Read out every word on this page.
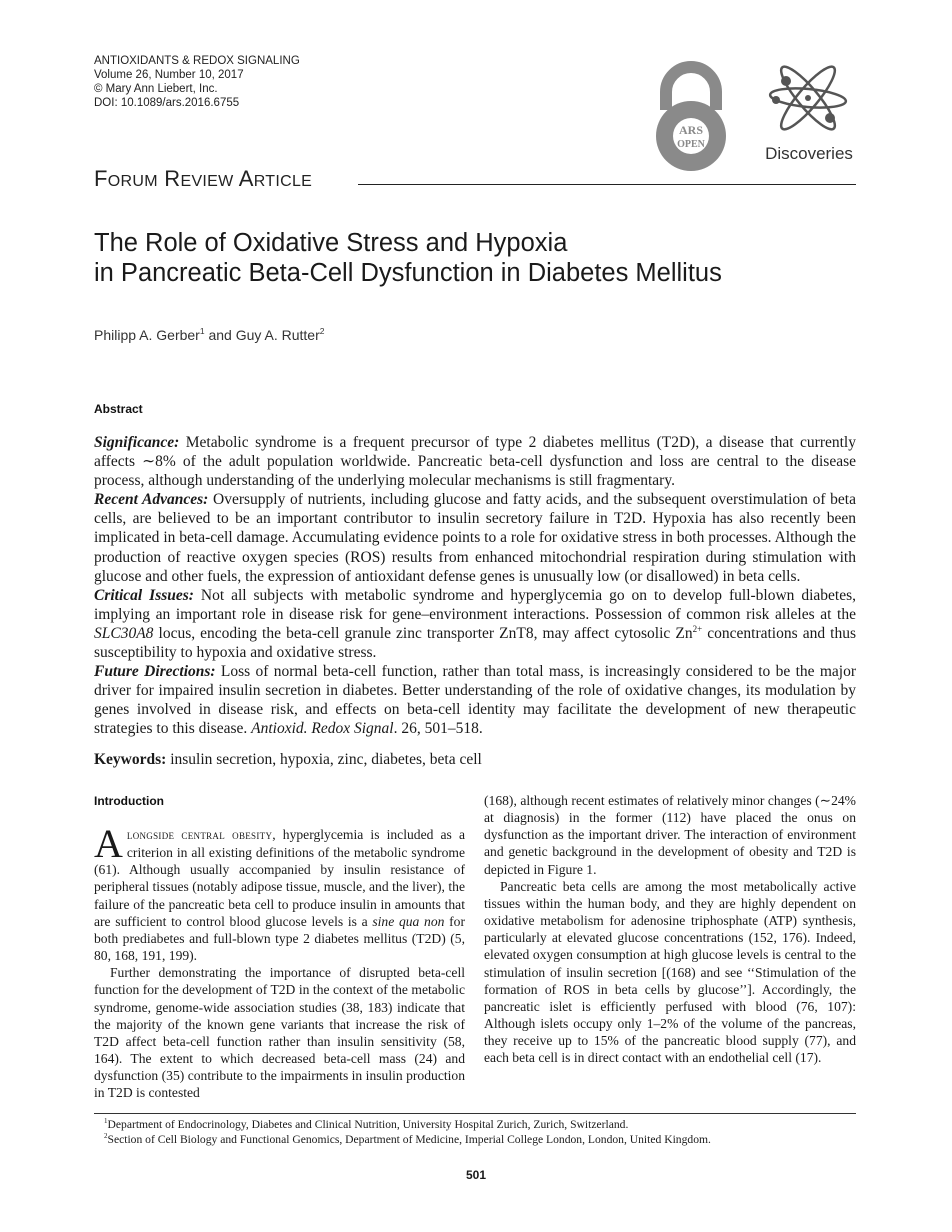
ANTIOXIDANTS & REDOX SIGNALING
Volume 26, Number 10, 2017
© Mary Ann Liebert, Inc.
DOI: 10.1089/ars.2016.6755
ARS
OPEN	Discoveries
FORUM REVIEW ARTICLE
The Role of Oxidative Stress and Hypoxia
in Pancreatic Beta-Cell Dysfunction in Diabetes Mellitus
Philipp A. Gerber$^1$ and Guy A. Rutter$^2$
Abstract

Significance: Metabolic syndrome is a frequent precursor of type 2 diabetes mellitus (T2D), a disease that currently affects ∼8% of the adult population worldwide. Pancreatic beta-cell dysfunction and loss are central to the disease process, although understanding of the underlying molecular mechanisms is still fragmentary.

Recent Advances: Oversupply of nutrients, including glucose and fatty acids, and the subsequent overstimulation of beta cells, are believed to be an important contributor to insulin secretory failure in T2D. Hypoxia has also recently been implicated in beta-cell damage. Accumulating evidence points to a role for oxidative stress in both processes. Although the production of reactive oxygen species (ROS) results from enhanced mitochondrial respiration during stimulation with glucose and other fuels, the expression of antioxidant defense genes is unusually low (or disallowed) in beta cells.

Critical Issues: Not all subjects with metabolic syndrome and hyperglycemia go on to develop full-blown diabetes, implying an important role in disease risk for gene–environment interactions. Possession of common risk alleles at the SLC30A8 locus, encoding the beta-cell granule zinc transporter ZnT8, may affect cytosolic $Zn^{2+}$ concentrations and thus susceptibility to hypoxia and oxidative stress.

Future Directions: Loss of normal beta-cell function, rather than total mass, is increasingly considered to be the major driver for impaired insulin secretion in diabetes. Better understanding of the role of oxidative changes, its modulation by genes involved in disease risk, and effects on beta-cell identity may facilitate the development of new therapeutic strategies to this disease. Antioxid. Redox Signal. 26, 501–518.

Keywords: insulin secretion, hypoxia, zinc, diabetes, beta cell
Introduction

Alongside central obesity, hyperglycemia is included as a criterion in all existing definitions of the metabolic syndrome (61). Although usually accompanied by insulin resistance of peripheral tissues (notably adipose tissue, muscle, and the liver), the failure of the pancreatic beta cell to produce insulin in amounts that are sufficient to control blood glucose levels is a sine qua non for both prediabetes and full-blown type 2 diabetes mellitus (T2D) (5, 80, 168, 191, 199).

Further demonstrating the importance of disrupted beta-cell function for the development of T2D in the context of the metabolic syndrome, genome-wide association studies (38, 183) indicate that the majority of the known gene variants that increase the risk of T2D affect beta-cell function rather than insulin sensitivity (58, 164). The extent to which decreased beta-cell mass (24) and dysfunction (35) contribute to the impairments in insulin production in T2D is contested

(168), although recent estimates of relatively minor changes (∼24% at diagnosis) in the former (112) have placed the onus on dysfunction as the important driver. The interaction of environment and genetic background in the development of obesity and T2D is depicted in Figure 1.

Pancreatic beta cells are among the most metabolically active tissues within the human body, and they are highly dependent on oxidative metabolism for adenosine triphosphate (ATP) synthesis, particularly at elevated glucose concentrations (152, 176). Indeed, elevated oxygen consumption at high glucose levels is central to the stimulation of insulin secretion [(168) and see ‘‘Stimulation of the formation of ROS in beta cells by glucose’’]. Accordingly, the pancreatic islet is efficiently perfused with blood (76, 107): Although islets occupy only 1–2% of the volume of the pancreas, they receive up to 15% of the pancreatic blood supply (77), and each beta cell is in direct contact with an endothelial cell (17).

$^1$Department of Endocrinology, Diabetes and Clinical Nutrition, University Hospital Zurich, Zurich, Switzerland.
$^2$Section of Cell Biology and Functional Genomics, Department of Medicine, Imperial College London, London, United Kingdom.
501
